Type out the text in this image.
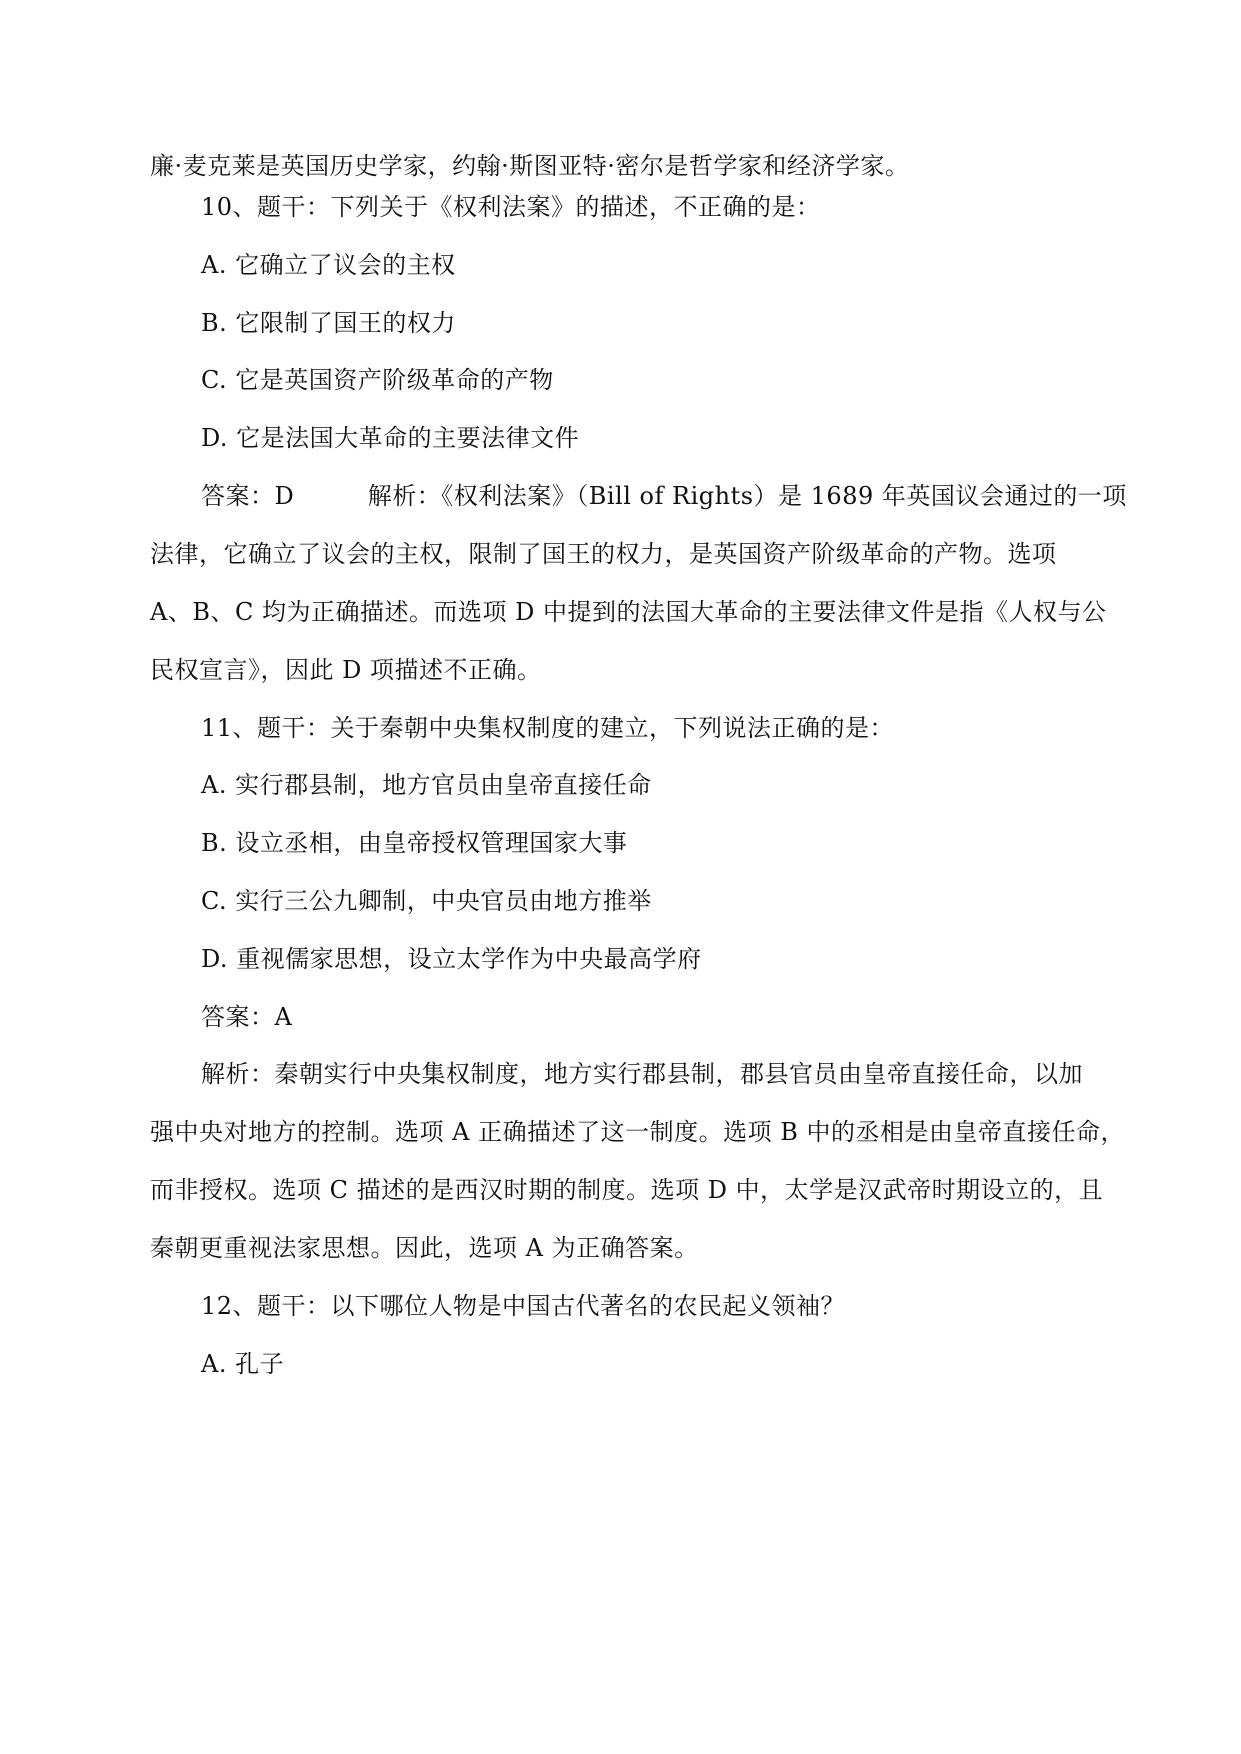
廉·麦克莱是英国历史学家，约翰·斯图亚特·密尔是哲学家和经济学家。
10、题干：下列关于《权利法案》的描述，不正确的是：
A. 它确立了议会的主权
B. 它限制了国王的权力
C. 它是英国资产阶级革命的产物
D. 它是法国大革命的主要法律文件
答案：D　　　解析：《权利法案》（Bill of Rights）是 1689 年英国议会通过的一项
法律，它确立了议会的主权，限制了国王的权力，是英国资产阶级革命的产物。选项
A、B、C 均为正确描述。而选项 D 中提到的法国大革命的主要法律文件是指《人权与公
民权宣言》，因此 D 项描述不正确。
11、题干：关于秦朝中央集权制度的建立，下列说法正确的是：
A. 实行郡县制，地方官员由皇帝直接任命
B. 设立丞相，由皇帝授权管理国家大事
C. 实行三公九卿制，中央官员由地方推举
D. 重视儒家思想，设立太学作为中央最高学府
答案：A
解析：秦朝实行中央集权制度，地方实行郡县制，郡县官员由皇帝直接任命，以加
强中央对地方的控制。选项 A 正确描述了这一制度。选项 B 中的丞相是由皇帝直接任命，
而非授权。选项 C 描述的是西汉时期的制度。选项 D 中，太学是汉武帝时期设立的，且
秦朝更重视法家思想。因此，选项 A 为正确答案。
12、题干：以下哪位人物是中国古代著名的农民起义领袖？
A. 孔子
